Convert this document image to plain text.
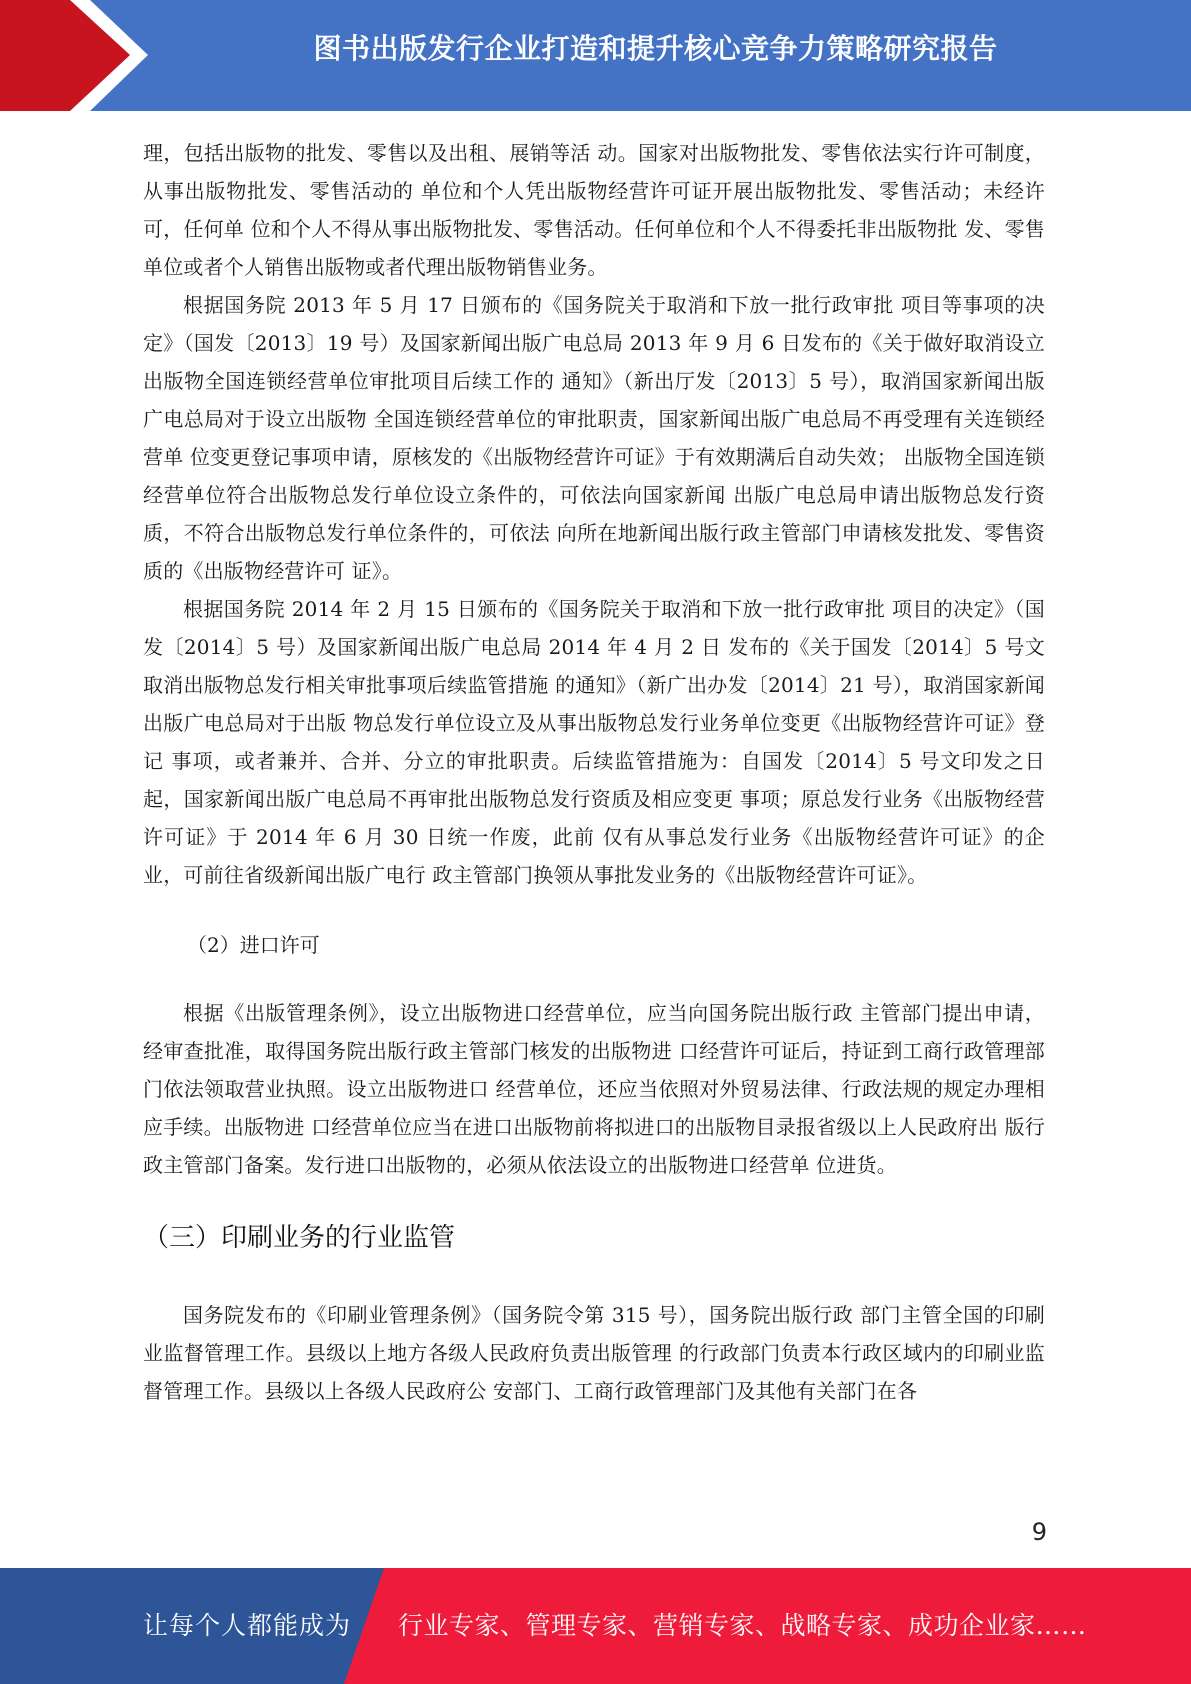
图书出版发行企业打造和提升核心竞争力策略研究报告

理，包括出版物的批发、零售以及出租、展销等活 动。国家对出版物批发、零售依法实行许可制度，从事出版物批发、零售活动的 单位和个人凭出版物经营许可证开展出版物批发、零售活动；未经许可，任何单 位和个人不得从事出版物批发、零售活动。任何单位和个人不得委托非出版物批 发、零售单位或者个人销售出版物或者代理出版物销售业务。

根据国务院 2013 年 5 月 17 日颁布的《国务院关于取消和下放一批行政审批 项目等事项的决定》（国发〔2013〕19 号）及国家新闻出版广电总局 2013 年 9 月 6 日发布的《关于做好取消设立出版物全国连锁经营单位审批项目后续工作的 通知》（新出厅发〔2013〕5 号），取消国家新闻出版广电总局对于设立出版物 全国连锁经营单位的审批职责，国家新闻出版广电总局不再受理有关连锁经营单 位变更登记事项申请，原核发的《出版物经营许可证》于有效期满后自动失效； 出版物全国连锁经营单位符合出版物总发行单位设立条件的，可依法向国家新闻 出版广电总局申请出版物总发行资质，不符合出版物总发行单位条件的，可依法 向所在地新闻出版行政主管部门申请核发批发、零售资质的《出版物经营许可 证》。

根据国务院 2014 年 2 月 15 日颁布的《国务院关于取消和下放一批行政审批 项目的决定》（国发〔2014〕5 号）及国家新闻出版广电总局 2014 年 4 月 2 日 发布的《关于国发〔2014〕5 号文取消出版物总发行相关审批事项后续监管措施 的通知》（新广出办发〔2014〕21 号），取消国家新闻出版广电总局对于出版 物总发行单位设立及从事出版物总发行业务单位变更《出版物经营许可证》登记 事项，或者兼并、合并、分立的审批职责。后续监管措施为：自国发〔2014〕5 号文印发之日起，国家新闻出版广电总局不再审批出版物总发行资质及相应变更 事项；原总发行业务《出版物经营许可证》于 2014 年 6 月 30 日统一作废，此前 仅有从事总发行业务《出版物经营许可证》的企业，可前往省级新闻出版广电行 政主管部门换领从事批发业务的《出版物经营许可证》。

（2）进口许可

根据《出版管理条例》，设立出版物进口经营单位，应当向国务院出版行政 主管部门提出申请，经审查批准，取得国务院出版行政主管部门核发的出版物进 口经营许可证后，持证到工商行政管理部门依法领取营业执照。设立出版物进口 经营单位，还应当依照对外贸易法律、行政法规的规定办理相应手续。出版物进 口经营单位应当在进口出版物前将拟进口的出版物目录报省级以上人民政府出 版行政主管部门备案。发行进口出版物的，必须从依法设立的出版物进口经营单 位进货。

（三）印刷业务的行业监管

国务院发布的《印刷业管理条例》（国务院令第 315 号），国务院出版行政 部门主管全国的印刷业监督管理工作。县级以上地方各级人民政府负责出版管理 的行政部门负责本行政区域内的印刷业监督管理工作。县级以上各级人民政府公 安部门、工商行政管理部门及其他有关部门在各

9
让每个人都能成为 行业专家、管理专家、营销专家、战略专家、成功企业家……
